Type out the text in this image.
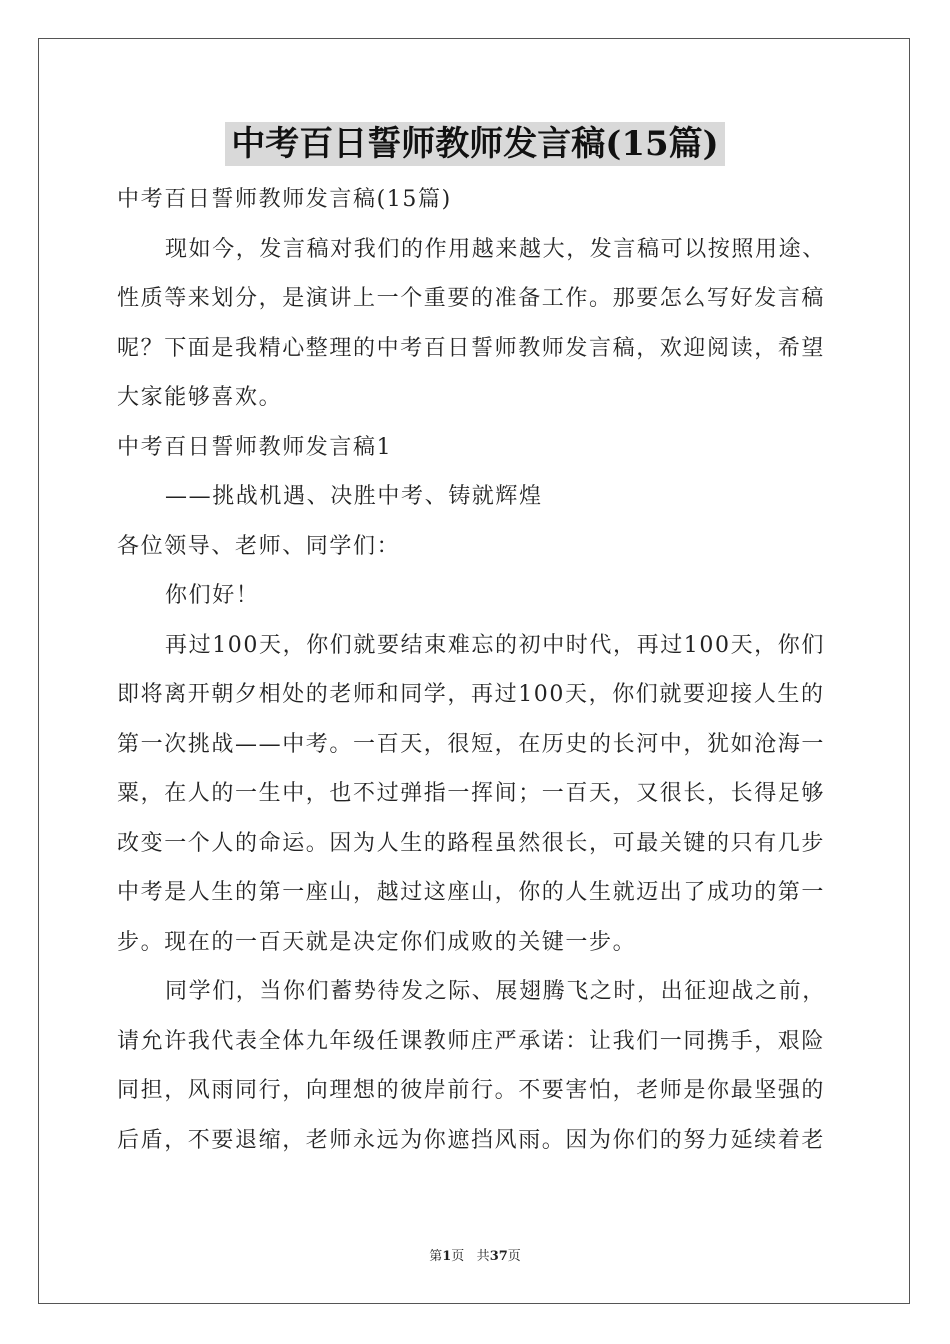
中考百日誓师教师发言稿(15篇)
中考百日誓师教师发言稿(15篇)
现如今，发言稿对我们的作用越来越大，发言稿可以按照用途、
性质等来划分，是演讲上一个重要的准备工作。那要怎么写好发言稿
呢？下面是我精心整理的中考百日誓师教师发言稿，欢迎阅读，希望
大家能够喜欢。
中考百日誓师教师发言稿1
——挑战机遇、决胜中考、铸就辉煌
各位领导、老师、同学们：
你们好！
再过100天，你们就要结束难忘的初中时代，再过100天，你们
即将离开朝夕相处的老师和同学，再过100天，你们就要迎接人生的
第一次挑战——中考。一百天，很短，在历史的长河中，犹如沧海一
粟，在人的一生中，也不过弹指一挥间；一百天，又很长，长得足够
改变一个人的命运。因为人生的路程虽然很长，可最关键的只有几步
中考是人生的第一座山，越过这座山，你的人生就迈出了成功的第一
步。现在的一百天就是决定你们成败的关键一步。
同学们，当你们蓄势待发之际、展翅腾飞之时，出征迎战之前，
请允许我代表全体九年级任课教师庄严承诺：让我们一同携手，艰险
同担，风雨同行，向理想的彼岸前行。不要害怕，老师是你最坚强的
后盾，不要退缩，老师永远为你遮挡风雨。因为你们的努力延续着老
第1页 共37页
